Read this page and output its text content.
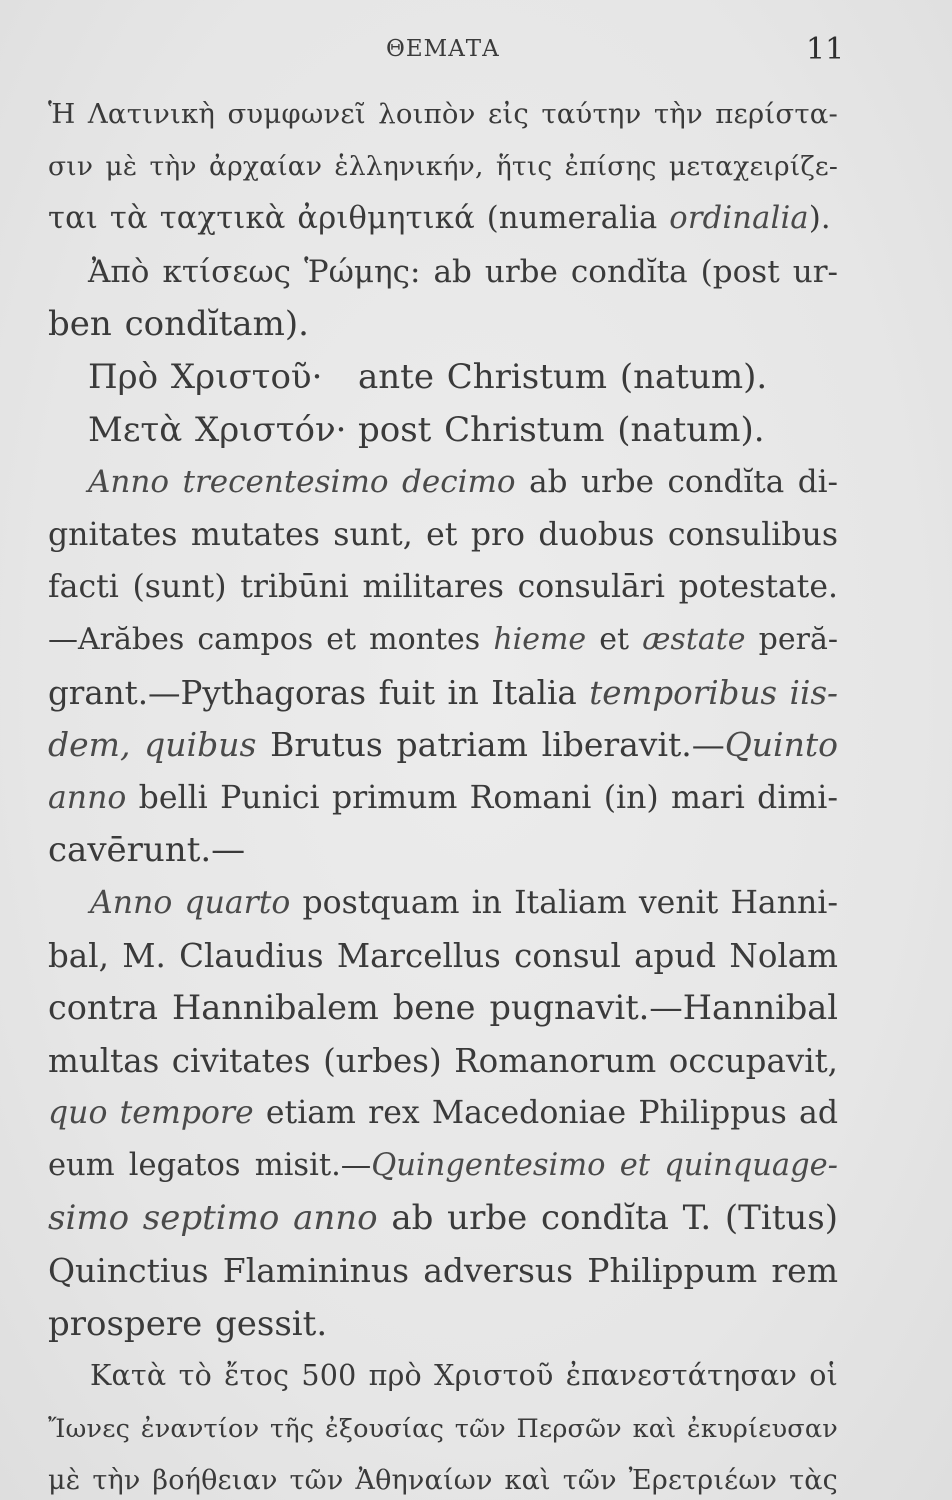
ΘΕΜΑΤΑ	11
Ἡ Λατινικὴ συμφωνεῖ λοιπὸν εἰς ταύτην τὴν περίστα-
σιν μὲ τὴν ἀρχαίαν ἑλληνικήν, ἥτις ἐπίσης μεταχειρίζε-
ται τὰ ταχτικὰ ἀριθμητικά (numeralia ordinalia).
Ἀπὸ κτίσεως Ῥώμης: ab urbe condĭta (post ur-
ben condĭtam).
Πρὸ Χριστοῦ· ante Christum (natum).
Μετὰ Χριστόν· post Christum (natum).
Anno trecentesimo decimo ab urbe condĭta di-
gnitates mutates sunt, et pro duobus consulibus
facti (sunt) tribūni militares consulāri potestate.
—Arăbes campos et montes hieme et æstate peră-
grant.—Pythagoras fuit in Italia temporibus iis-
dem, quibus Brutus patriam liberavit.—Quinto
anno belli Punici primum Romani (in) mari dimi-
cavērunt.—
Anno quarto postquam in Italiam venit Hanni-
bal, M. Claudius Marcellus consul apud Nolam
contra Hannibalem bene pugnavit.—Hannibal
multas civitates (urbes) Romanorum occupavit,
quo tempore etiam rex Macedoniae Philippus ad
eum legatos misit.—Quingentesimo et quinquage-
simo septimo anno ab urbe condĭta T. (Titus)
Quinctius Flamininus adversus Philippum rem
prospere gessit.
Κατὰ τὸ ἔτος 500 πρὸ Χριστοῦ ἐπανεστάτησαν οἱ
Ἴωνες ἐναντίον τῆς ἐξουσίας τῶν Περσῶν καὶ ἐκυρίευσαν
μὲ τὴν βοήθειαν τῶν Ἀθηναίων καὶ τῶν Ἐρετριέων τὰς
